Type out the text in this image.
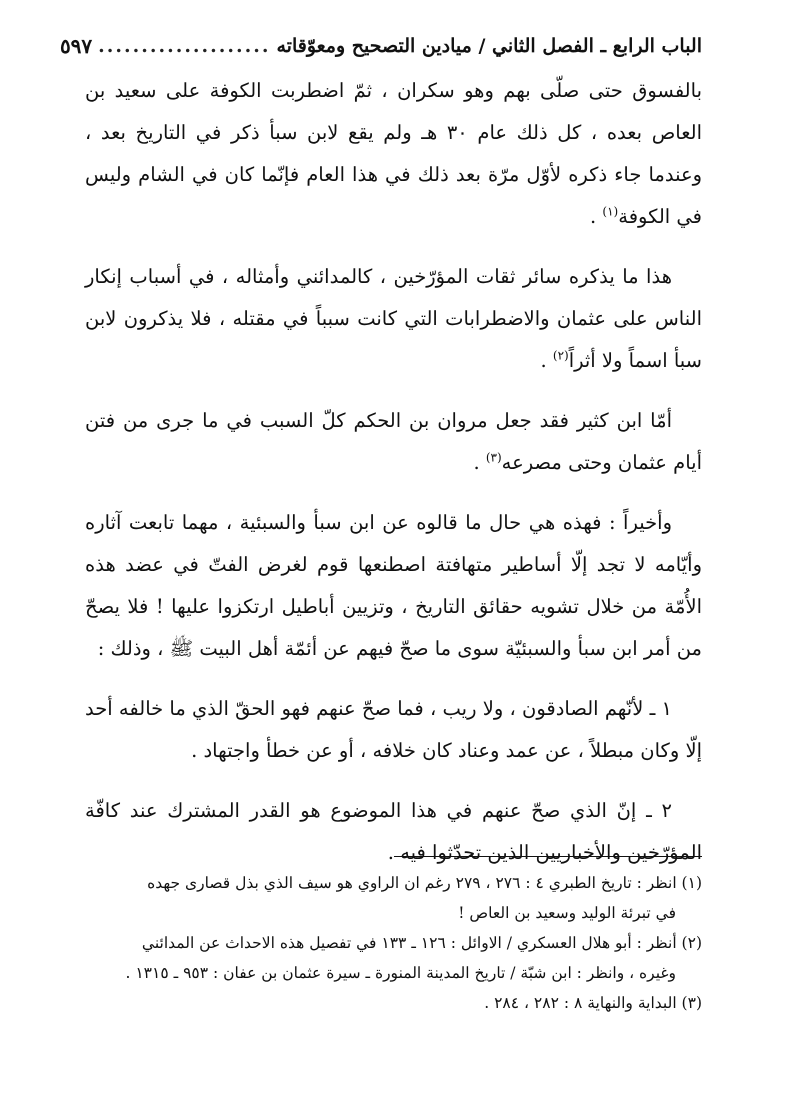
الباب الرابع ـ الفصل الثاني / ميادين التصحيح ومعوّقاته
....................
٥٩٧

بالفسوق حتى صلّى بهم وهو سكران ، ثمّ اضطربت الكوفة على سعيد بن العاص بعده ، كل ذلك عام ٣٠ هـ ولم يقع لابن سبأ ذكر في التاريخ بعد ، وعندما جاء ذكره لأوّل مرّة بعد ذلك في هذا العام فإنّما كان في الشام وليس في الكوفة$^{(١)}$ .

هذا ما يذكره سائر ثقات المؤرّخين ، كالمدائني وأمثاله ، في أسباب إنكار الناس على عثمان والاضطرابات التي كانت سبباً في مقتله ، فلا يذكرون لابن سبأ اسماً ولا أثراً$^{(٢)}$ .

أمّا ابن كثير فقد جعل مروان بن الحكم كلّ السبب في ما جرى من فتن أيام عثمان وحتى مصرعه$^{(٣)}$ .

وأخيراً : فهذه هي حال ما قالوه عن ابن سبأ والسبئية ، مهما تابعت آثاره وأيّامه لا تجد إلّا أساطير متهافتة اصطنعها قوم لغرض الفتّ في عضد هذه الأُمّة من خلال تشويه حقائق التاريخ ، وتزيين أباطيل ارتكزوا عليها ! فلا يصحّ من أمر ابن سبأ والسبئيّة سوى ما صحّ فيهم عن أئمّة أهل البيت ﷺ ، وذلك :

١ ـ لأنّهم الصادقون ، ولا ريب ، فما صحّ عنهم فهو الحقّ الذي ما خالفه أحد إلّا وكان مبطلاً ، عن عمد وعناد كان خلافه ، أو عن خطأ واجتهاد .

٢ ـ إنّ الذي صحّ عنهم في هذا الموضوع هو القدر المشترك عند كافّة المؤرّخين والأخباريين الذين تحدّثوا فيه .

(١) انظر : تاريخ الطبري ٤ : ٢٧٦ ، ٢٧٩ رغم ان الراوي هو سيف الذي بذل قصارى جهده

في تبرئة الوليد وسعيد بن العاص !

(٢) أنظر : أبو هلال العسكري / الاوائل : ١٢٦ ـ ١٣٣ في تفصيل هذه الاحداث عن المدائني

وغيره ، وانظر : ابن شبّة / تاريخ المدينة المنورة ـ سيرة عثمان بن عفان : ٩٥٣ ـ ١٣١٥ .

(٣) البداية والنهاية ٨ : ٢٨٢ ، ٢٨٤ .
